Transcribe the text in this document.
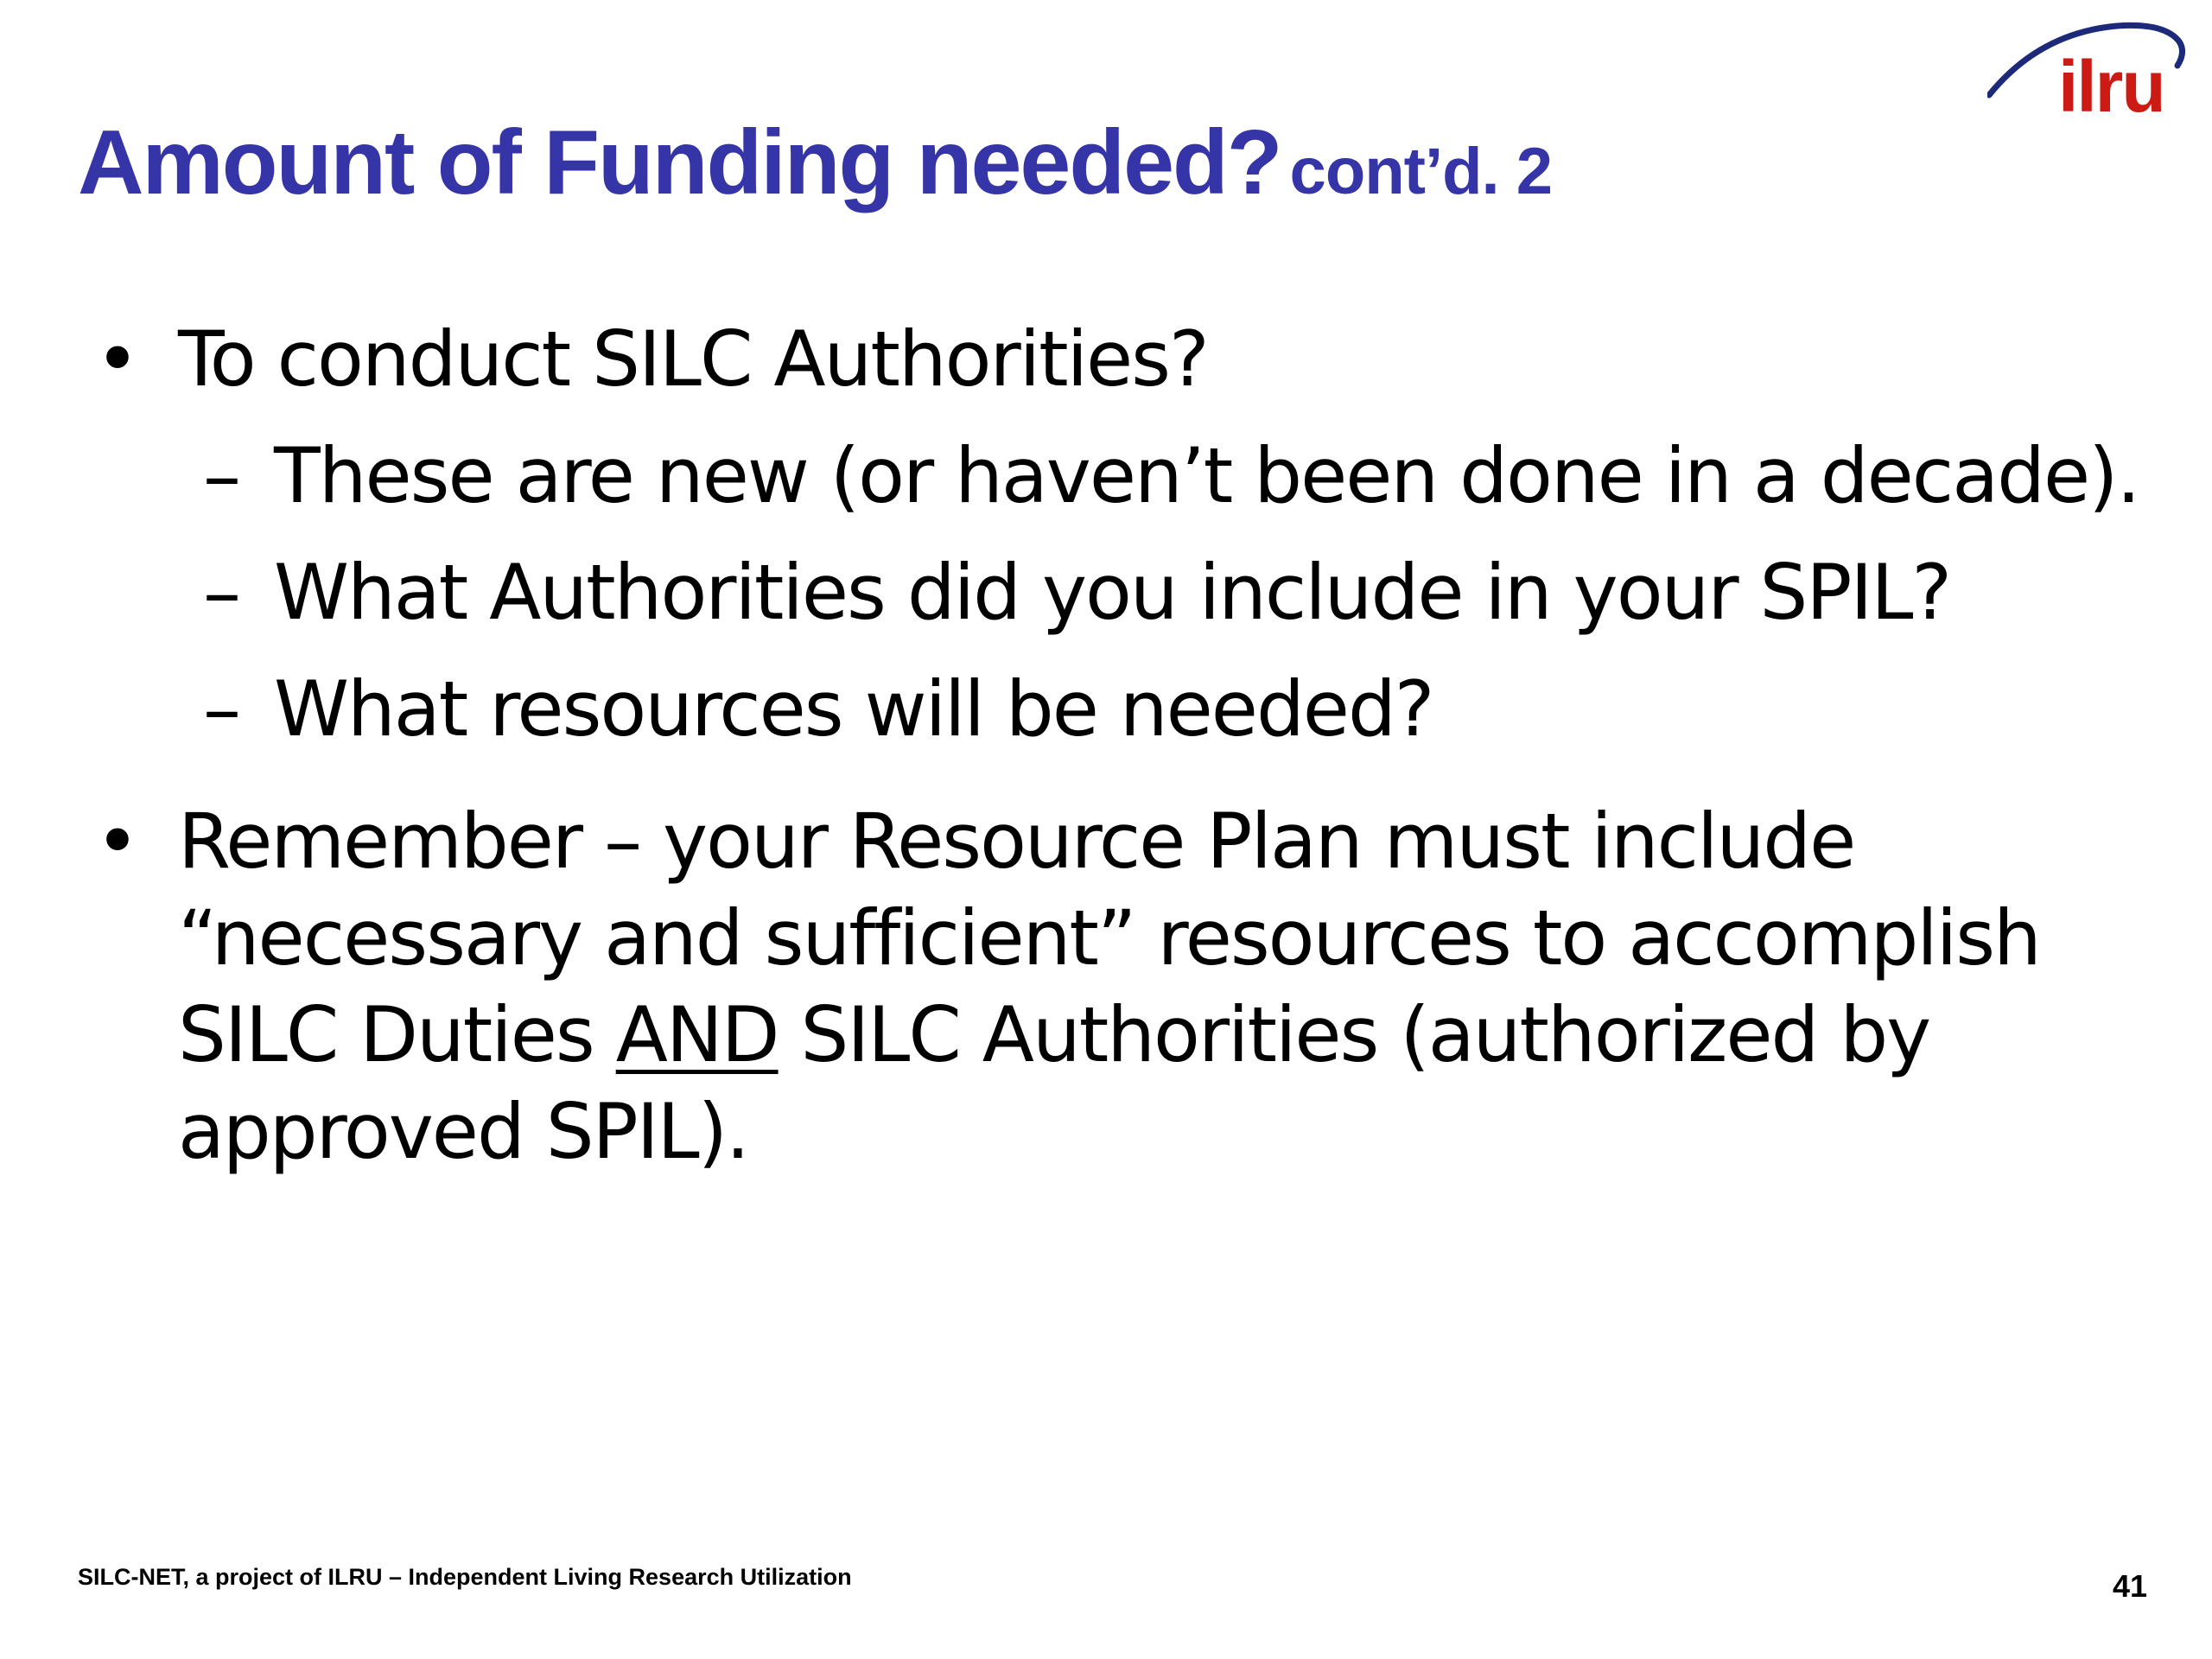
ilru
Amount of Funding needed? cont’d. 2
• To conduct SILC Authorities?
– These are new (or haven’t been done in a decade).
– What Authorities did you include in your SPIL?
– What resources will be needed?
• Remember – your Resource Plan must include
“necessary and sufficient” resources to accomplish
SILC Duties AND SILC Authorities (authorized by
approved SPIL).
SILC-NET, a project of ILRU – Independent Living Research Utilization	41
